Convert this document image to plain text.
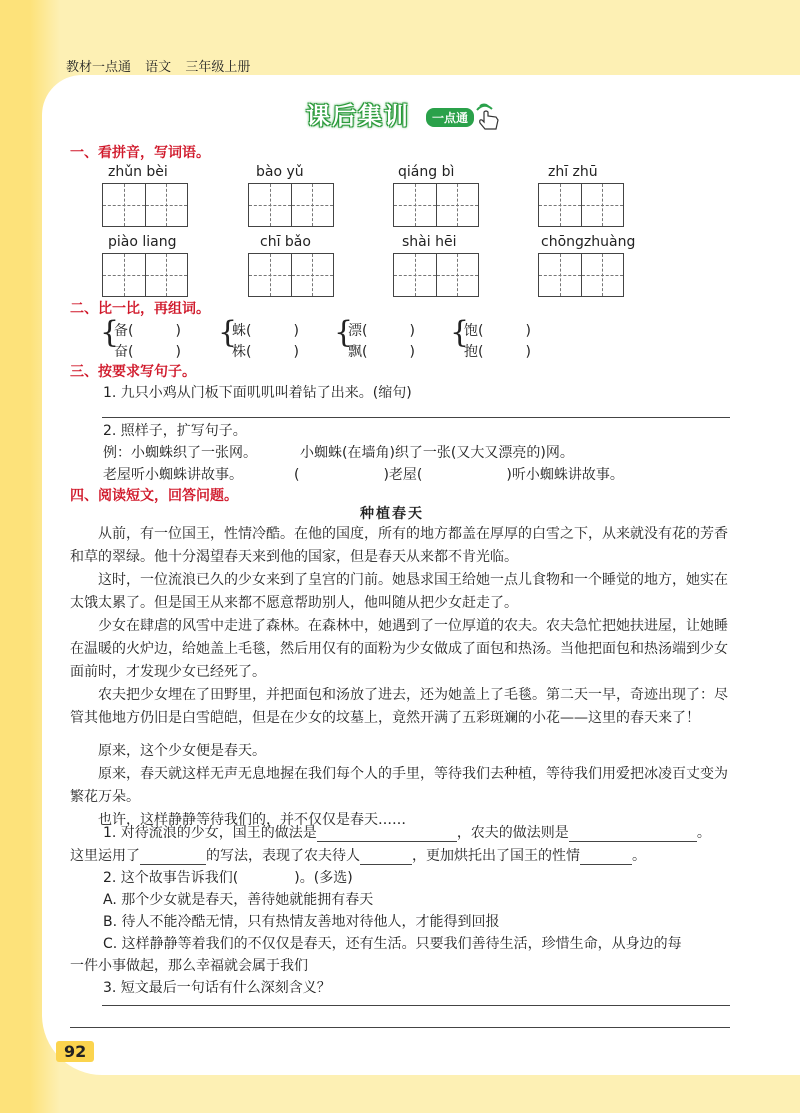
教材一点通 语文 三年级上册
课后集训	一点通
一、看拼音，写词语。
zhǔn bèi	bào yǔ	qiáng bì	zhī zhū
piào liang	chī bǎo	shài hēi	chōngzhuàng
二、比一比，再组词。
{
备(　　　)
奋(　　　)
{
蛛(　　　)
株(　　　)
{
漂(　　　)
飘(　　　)
{
饱(　　　)
抱(　　　)
三、按要求写句子。
1. 九只小鸡从门板下面叽叽叫着钻了出来。(缩句)
2. 照样子，扩写句子。
例：小蜘蛛织了一张网。	小蜘蛛(在墙角)织了一张(又大又漂亮的)网。
老屋听小蜘蛛讲故事。	(　　　　　　)老屋(　　　　　　)听小蜘蛛讲故事。
四、阅读短文，回答问题。
种植春天
从前，有一位国王，性情冷酷。在他的国度，所有的地方都盖在厚厚的白雪之下，从来就没有花的芳香和草的翠绿。他十分渴望春天来到他的国家，但是春天从来都不肯光临。
这时，一位流浪已久的少女来到了皇宫的门前。她恳求国王给她一点儿食物和一个睡觉的地方，她实在太饿太累了。但是国王从来都不愿意帮助别人，他叫随从把少女赶走了。
少女在肆虐的风雪中走进了森林。在森林中，她遇到了一位厚道的农夫。农夫急忙把她扶进屋，让她睡在温暖的火炉边，给她盖上毛毯，然后用仅有的面粉为少女做成了面包和热汤。当他把面包和热汤端到少女面前时，才发现少女已经死了。
农夫把少女埋在了田野里，并把面包和汤放了进去，还为她盖上了毛毯。第二天一早，奇迹出现了：尽管其他地方仍旧是白雪皑皑，但是在少女的坟墓上，竟然开满了五彩斑斓的小花——这里的春天来了！
原来，这个少女便是春天。
原来，春天就这样无声无息地握在我们每个人的手里，等待我们去种植，等待我们用爱把冰凌百丈变为繁花万朵。
也许，这样静静等待我们的，并不仅仅是春天……
1. 对待流浪的少女，国王的做法是	，农夫的做法则是	。
这里运用了	的写法，表现了农夫待人	，更加烘托出了国王的性情	。
2. 这个故事告诉我们(　　　　)。(多选)
A. 那个少女就是春天，善待她就能拥有春天
B. 待人不能冷酷无情，只有热情友善地对待他人，才能得到回报
C. 这样静静等着我们的不仅仅是春天，还有生活。只要我们善待生活，珍惜生命，从身边的每
一件小事做起，那么幸福就会属于我们
3. 短文最后一句话有什么深刻含义？
92
